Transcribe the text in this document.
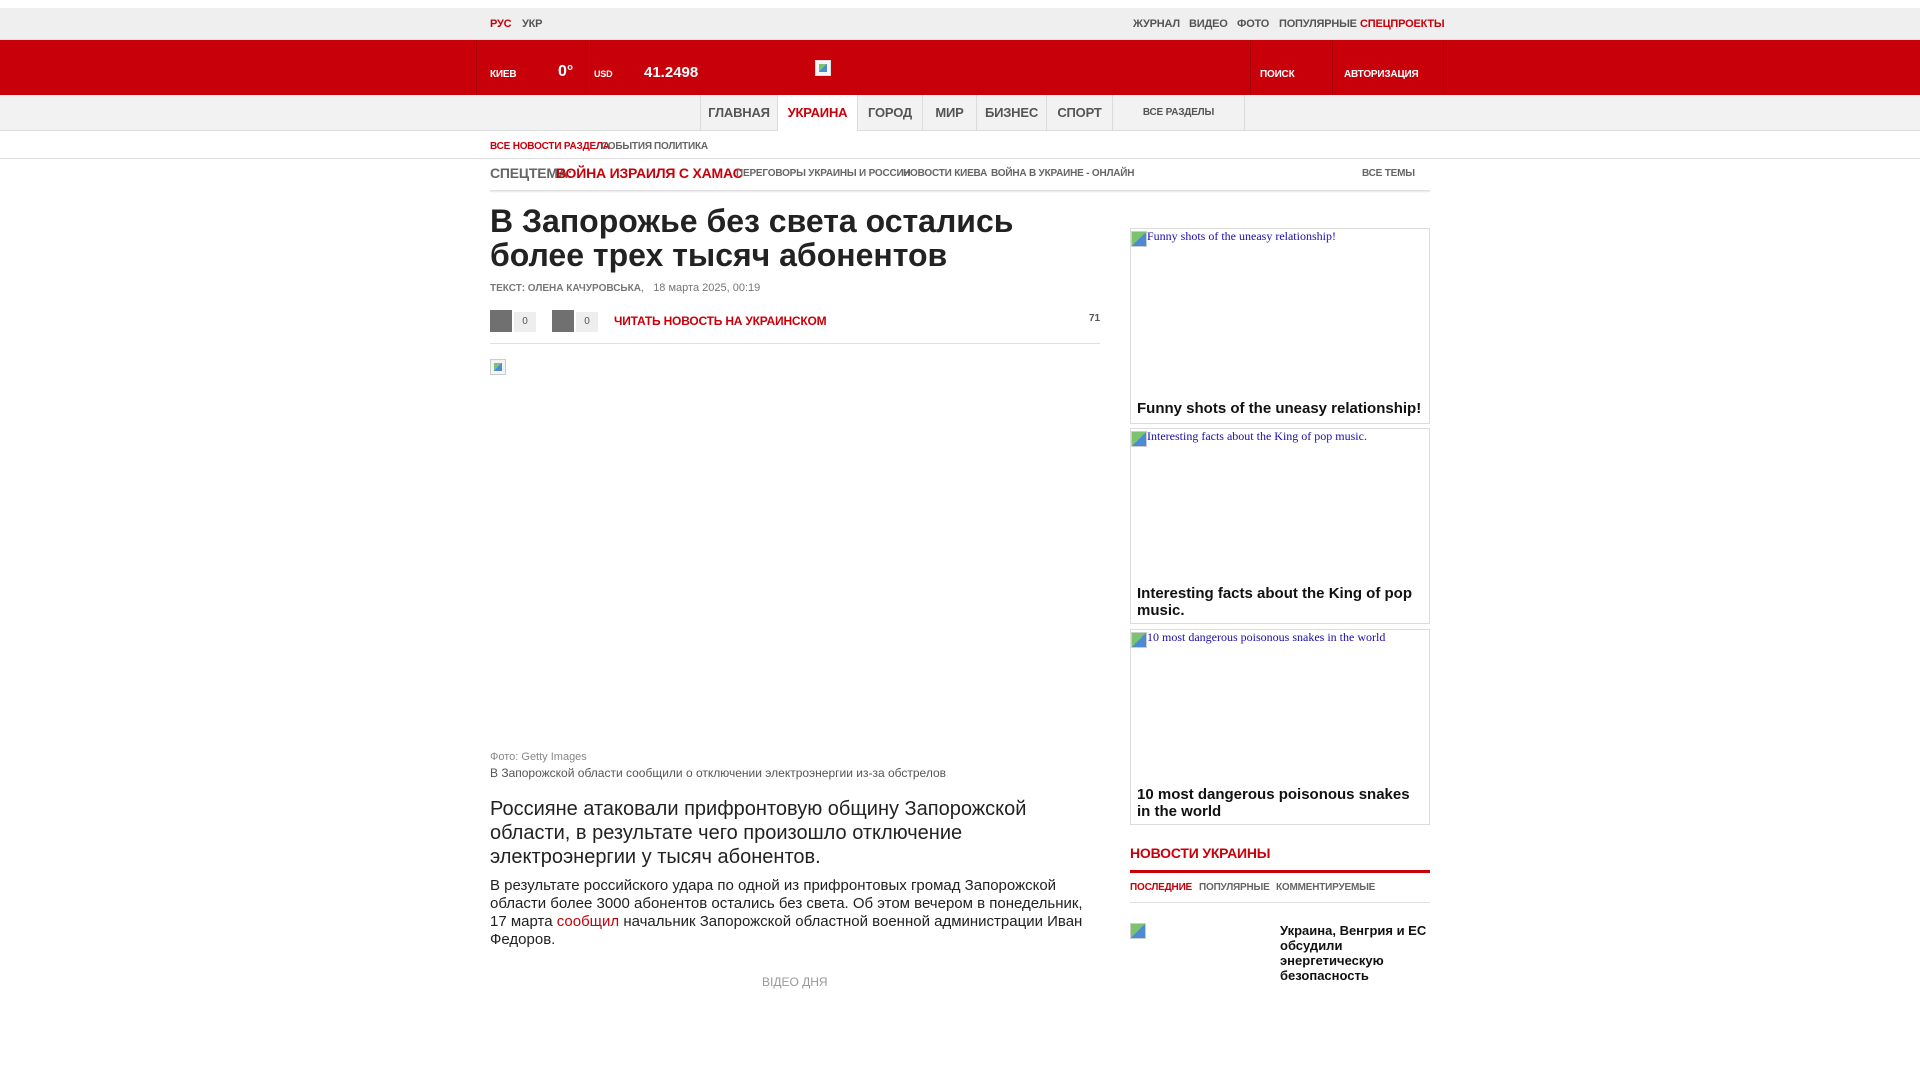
РУС УКР	ЖУРНАЛ ВИДЕО ФОТО ПОПУЛЯРНЫЕ СПЕЦПРОЕКТЫ
КИЕВ	0° USD 41.2498	ПОИСК	АВТОРИЗАЦИЯ
ГЛАВНАЯ	УКРАИНА	ГОРОД	МИР	БИЗНЕС	СПОРТ	ВСЕ РАЗДЕЛЫ
ВСЕ НОВОСТИ РАЗДЕЛА
СОБЫТИЯ ПОЛИТИКА
СПЕЦТЕМА:
ВОЙНА ИЗРАИЛЯ С ХАМАС
ПЕРЕГОВОРЫ УКРАИНЫ И РОССИИ
НОВОСТИ КИЕВА ВОЙНА В УКРАИНЕ - ОНЛАЙН	ВСЕ ТЕМЫ
В Запорожье без света остались более трех тысяч абонентов
ТЕКСТ: ОЛЕНА КАЧУРОВСЬКА,   18 марта 2025, 00:19
0	0	ЧИТАТЬ НОВОСТЬ НА УКРАИНСКОМ	71
Фото: Getty Images
В Запорожской области сообщили о отключении электроэнергии из-за обстрелов

Россияне атаковали прифронтовую общину Запорожской области, в результате чего произошло отключение электроэнергии у тысяч абонентов.

В результате российского удара по одной из прифронтовых громад Запорожской области более 3000 абонентов остались без света. Об этом вечером в понедельник, 17 марта сообщил начальник Запорожской областной военной администрации Иван Федоров.

ВІДЕО ДНЯ
Funny shots of the uneasy relationship!
Funny shots of the uneasy relationship!
Interesting facts about the King of pop music.
Interesting facts about the King of pop music.
10 most dangerous poisonous snakes in the world
10 most dangerous poisonous snakes in the world
НОВОСТИ УКРАИНЫ
ПОСЛЕДНИЕ ПОПУЛЯРНЫЕ КОММЕНТИРУЕМЫЕ
Украина, Венгрия и ЕС обсудили энергетическую безопасность
